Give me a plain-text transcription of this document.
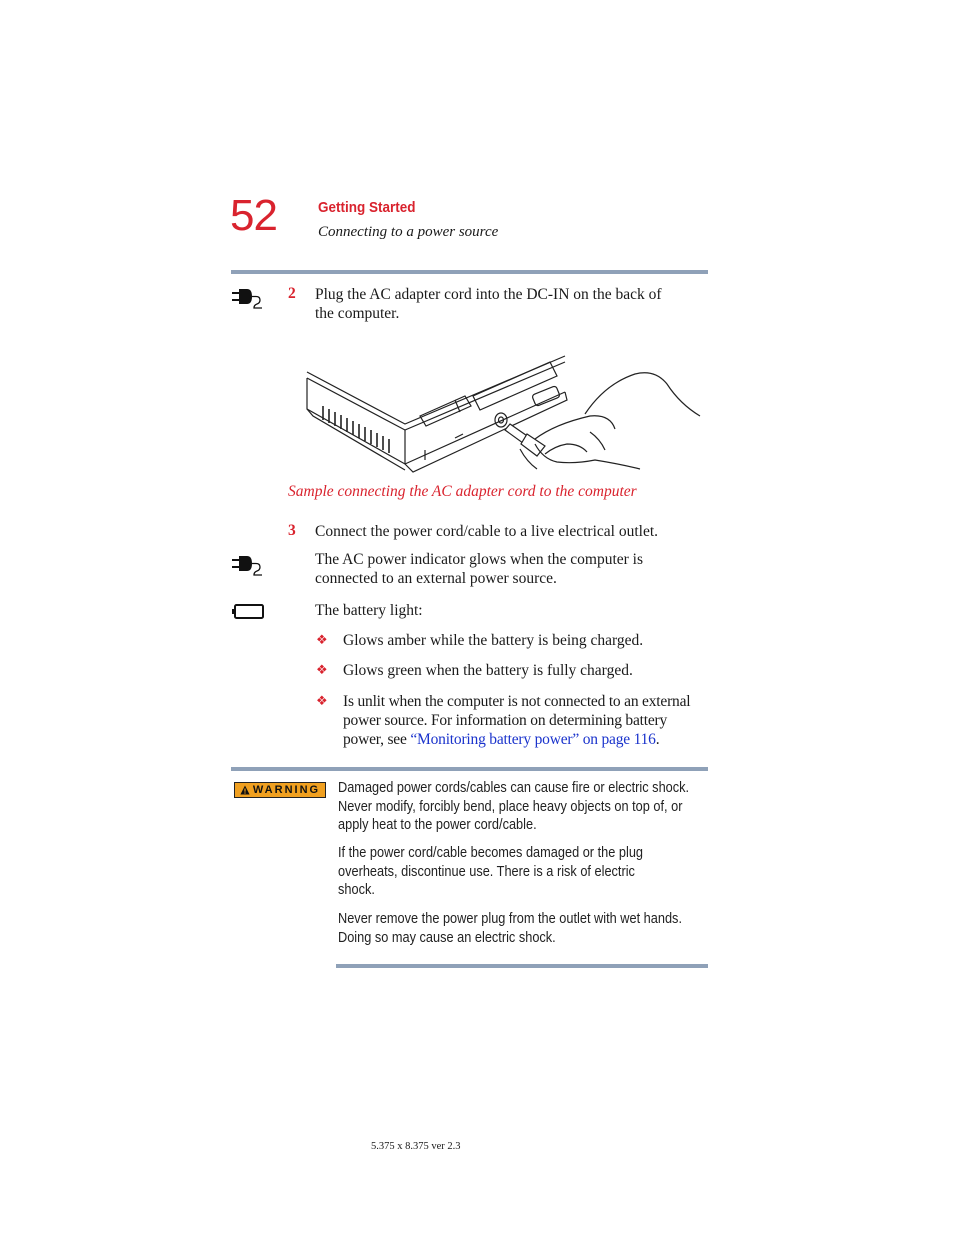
52	Getting Started
Connecting to a power source
2 Plug the AC adapter cord into the DC-IN on the back of
the computer.
Sample connecting the AC adapter cord to the computer
3 Connect the power cord/cable to a live electrical outlet.
The AC power indicator glows when the computer is
connected to an external power source.
The battery light:
❖ Glows amber while the battery is being charged.
❖ Glows green when the battery is fully charged.
❖ Is unlit when the computer is not connected to an external
power source. For information on determining battery
power, see “Monitoring battery power” on page 116.
WARNING Damaged power cords/cables can cause fire or electric shock.
Never modify, forcibly bend, place heavy objects on top of, or
apply heat to the power cord/cable.
If the power cord/cable becomes damaged or the plug
overheats, discontinue use. There is a risk of electric
shock.
Never remove the power plug from the outlet with wet hands.
Doing so may cause an electric shock.
5.375 x 8.375 ver 2.3
